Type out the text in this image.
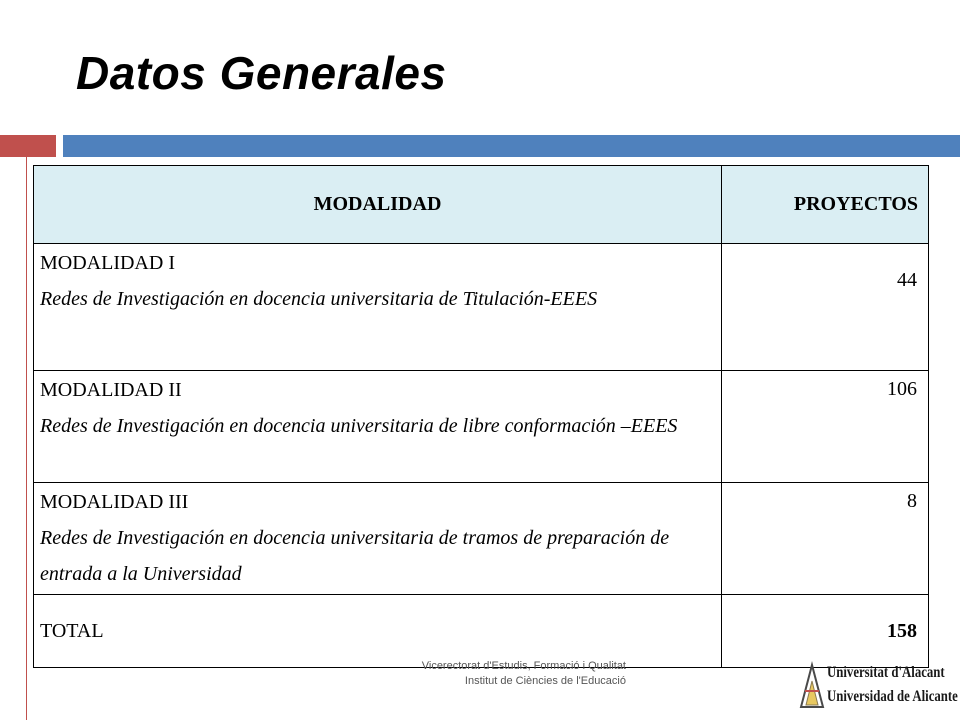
Datos Generales
MODALIDAD	PROYECTOS

MODALIDAD I
Redes de Investigación en docencia universitaria de Titulación-EEES	44

MODALIDAD II
Redes de Investigación en docencia universitaria de libre conformación –EEES	106

MODALIDAD III
Redes de Investigación en docencia universitaria de tramos de preparación de entrada a la Universidad	8
TOTAL	158
Vicerectorat d'Estudis, Formació i Qualitat
Institut de Ciències de l'Educació	Universitat d'Alacant
Universidad de Alicante
